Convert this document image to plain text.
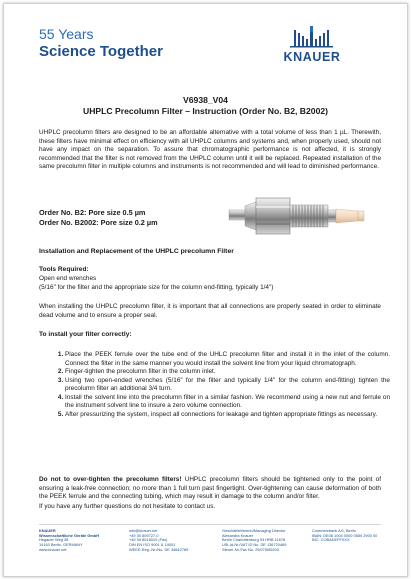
55 Years
Science Together	KNAUER
V6938_V04
UHPLC Precolumn Filter – Instruction (Order No. B2, B2002)
UHPLC precolumn filters are designed to be an affordable alternative with a total volume of less than 1 µL. Therewith, these filters have minimal effect on efficiency with all UHPLC columns and systems and, when properly used, should not have any impact on the separation. To assure that chromatographic performance is not affected, it is strongly recommended that the filter is not removed from the UHPLC column until it will be replaced. Repeated installation of the same precolumn filter in multiple columns and instruments is not recommended and will lead to diminished performance.
Order No. B2: Pore size 0.5 µm
Order No. B2002: Pore size 0.2 µm
Installation and Replacement of the UHPLC precolumn Filter
Tools Required:
Open end wrenches
(5/16" for the filter and the appropriate size for the column end-fitting, typically 1/4")
When installing the UHPLC precolumn filter, it is important that all connections are properly seated in order to eliminate dead volume and to ensure a proper seal.
To install your filter correctly:
1. Place the PEEK ferrule over the tube end of the UHLC precolumn filter and install it in the inlet of the column. Connect the filter in the same manner you would install the solvent line from your liquid chromatograph.
2. Finger-tighten the precolumn filter in the column inlet.
3. Using two open-ended wrenches (5/16" for the filter and typically 1/4" for the column end-fitting) tighten the precolumn filter an additional 3/4 turn.
4. Install the solvent line into the precolumn filter in a similar fashion. We recommend using a new nut and ferrule on the instrument solvent line to insure a zero volume connection.
5. After pressurizing the system, inspect all connections for leakage and tighten appropriate fittings as necessary.
Do not to over-tighten the precolumn filters! UHPLC precolumn filters should be tightened only to the point of ensuring a leak-free connection; no more than 1 full turn past fingertight. Over-tightening can cause deformation of both the PEEK ferrule and the connecting tubing, which may result in damage to the column and/or filter.
If you have any further questions do not hesitate to contact us.
KNAUER
Wissenschaftliche Geräte GmbH
Hegauer Weg 38
14163 Berlin, GERMANY
www.knauer.net
info@knauer.net
+49 30 809727-0
+49 30 8015010 (Fax)
DIN EN ISO 9001 & 14001
WEEE-Reg.-Nr./No. DE 34642789
Geschäftsführerin/Managing Director
Alexandra Knauer
Berlin Charlottenburg 93 HRB 11678
USt-Id-Nr./VAT ID No. DE 136720469
Steuer-Nr./Tax No. 29/075/65200
Commerzbank AG, Berlin
IBAN: DE08 1004 0000 0650 2900 00
BIC: COBADEFFXXX
